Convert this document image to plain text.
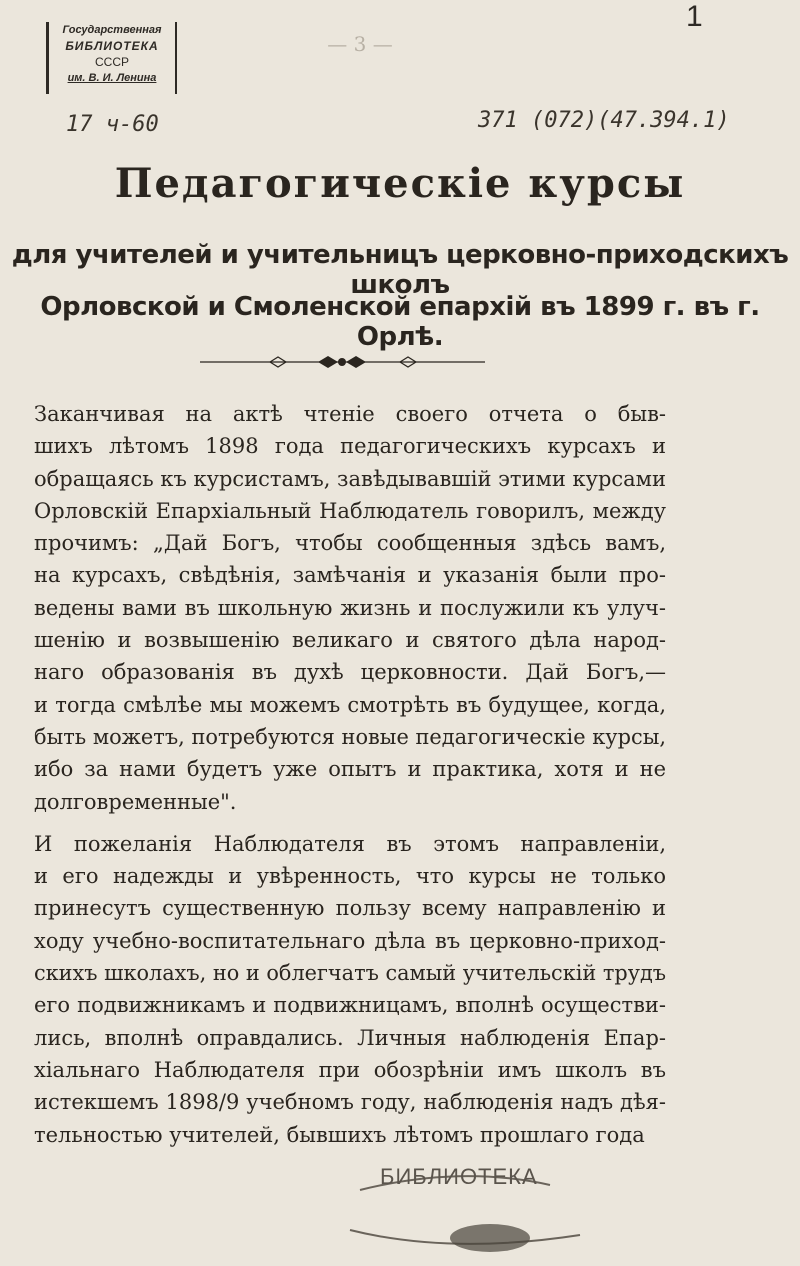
Государственная
БИБЛИОТЕКА
СССР
им. В. И. Ленина
— 3 —
1
17 ч-60	371 (072)(47.394.1)
Педагогическіе курсы
для учителей и учительницъ церковно-приходскихъ школъ
Орловской и Смоленской епархій въ 1899 г. въ г. Орлѣ.
Заканчивая на актѣ чтеніе своего отчета о быв-
шихъ лѣтомъ 1898 года педагогическихъ курсахъ и
обращаясь къ курсистамъ, завѣдывавшій этими курсами
Орловскій Епархіальный Наблюдатель говорилъ, между
прочимъ: „Дай Богъ, чтобы сообщенныя здѣсь вамъ,
на курсахъ, свѣдѣнія, замѣчанія и указанія были про-
ведены вами въ школьную жизнь и послужили къ улуч-
шенію и возвышенію великаго и святого дѣла народ-
наго образованія въ духѣ церковности. Дай Богъ,—
и тогда смѣлѣе мы можемъ смотрѣть въ будущее, когда,
быть можетъ, потребуются новые педагогическіе курсы,
ибо за нами будетъ уже опытъ и практика, хотя и не
долговременные".
И пожеланія Наблюдателя въ этомъ направленіи,
и его надежды и увѣренность, что курсы не только
принесутъ существенную пользу всему направленію и
ходу учебно-воспитательнаго дѣла въ церковно-приход-
скихъ школахъ, но и облегчатъ самый учительскій трудъ
его подвижникамъ и подвижницамъ, вполнѣ осуществи-
лись, вполнѣ оправдались. Личныя наблюденія Епар-
хіальнаго Наблюдателя при обозрѣніи имъ школъ въ
истекшемъ 1898/9 учебномъ году, наблюденія надъ дѣя-
тельностью учителей, бывшихъ лѣтомъ прошлаго года
БИБЛИОТЕКА
